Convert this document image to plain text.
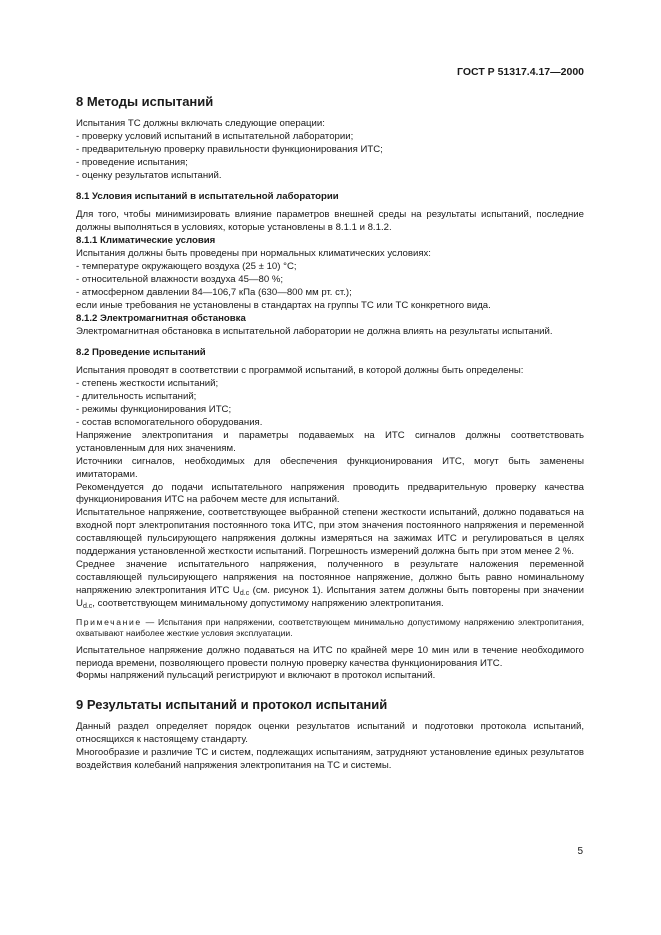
ГОСТ Р 51317.4.17—2000
8 Методы испытаний

Испытания ТС должны включать следующие операции:

- проверку условий испытаний в испытательной лаборатории;
- предварительную проверку правильности функционирования ИТС;
- проведение испытания;
- оценку результатов испытаний.
8.1 Условия испытаний в испытательной лаборатории

Для того, чтобы минимизировать влияние параметров внешней среды на результаты испытаний, последние должны выполняться в условиях, которые установлены в 8.1.1 и 8.1.2.

8.1.1 Климатические условия

Испытания должны быть проведены при нормальных климатических условиях:

- температуре окружающего воздуха (25 ± 10) °С;
- относительной влажности воздуха 45—80 %;
- атмосферном давлении 84—106,7 кПа (630—800 мм рт. ст.);

если иные требования не установлены в стандартах на группы ТС или ТС конкретного вида.

8.1.2 Электромагнитная обстановка

Электромагнитная обстановка в испытательной лаборатории не должна влиять на результаты испытаний.

8.2 Проведение испытаний

Испытания проводят в соответствии с программой испытаний, в которой должны быть определены:

- степень жесткости испытаний;
- длительность испытаний;
- режимы функционирования ИТС;
- состав вспомогательного оборудования.

Напряжение электропитания и параметры подаваемых на ИТС сигналов должны соответствовать установленным для них значениям.

Источники сигналов, необходимых для обеспечения функционирования ИТС, могут быть заменены имитаторами.

Рекомендуется до подачи испытательного напряжения проводить предварительную проверку качества функционирования ИТС на рабочем месте для испытаний.

Испытательное напряжение, соответствующее выбранной степени жесткости испытаний, должно подаваться на входной порт электропитания постоянного тока ИТС, при этом значения постоянного напряжения и переменной составляющей пульсирующего напряжения должны измеряться на зажимах ИТС и регулироваться в целях поддержания установленной жесткости испытаний. Погрешность измерений должна быть при этом менее 2 %.

Среднее значение испытательного напряжения, полученного в результате наложения переменной составляющей пульсирующего напряжения на постоянное напряжение, должно быть равно номинальному напряжению электропитания ИТС $U_{d.c}$ (см. рисунок 1). Испытания затем должны быть повторены при значении $U_{d.c}$, соответствующем минимальному допустимому напряжению электропитания.

Примечание — Испытания при напряжении, соответствующем минимально допустимому напряжению электропитания, охватывают наиболее жесткие условия эксплуатации.

Испытательное напряжение должно подаваться на ИТС по крайней мере 10 мин или в течение необходимого периода времени, позволяющего провести полную проверку качества функционирования ИТС.

Формы напряжений пульсаций регистрируют и включают в протокол испытаний.

9 Результаты испытаний и протокол испытаний

Данный раздел определяет порядок оценки результатов испытаний и подготовки протокола испытаний, относящихся к настоящему стандарту.

Многообразие и различие ТС и систем, подлежащих испытаниям, затрудняют установление единых результатов воздействия колебаний напряжения электропитания на ТС и системы.

5
